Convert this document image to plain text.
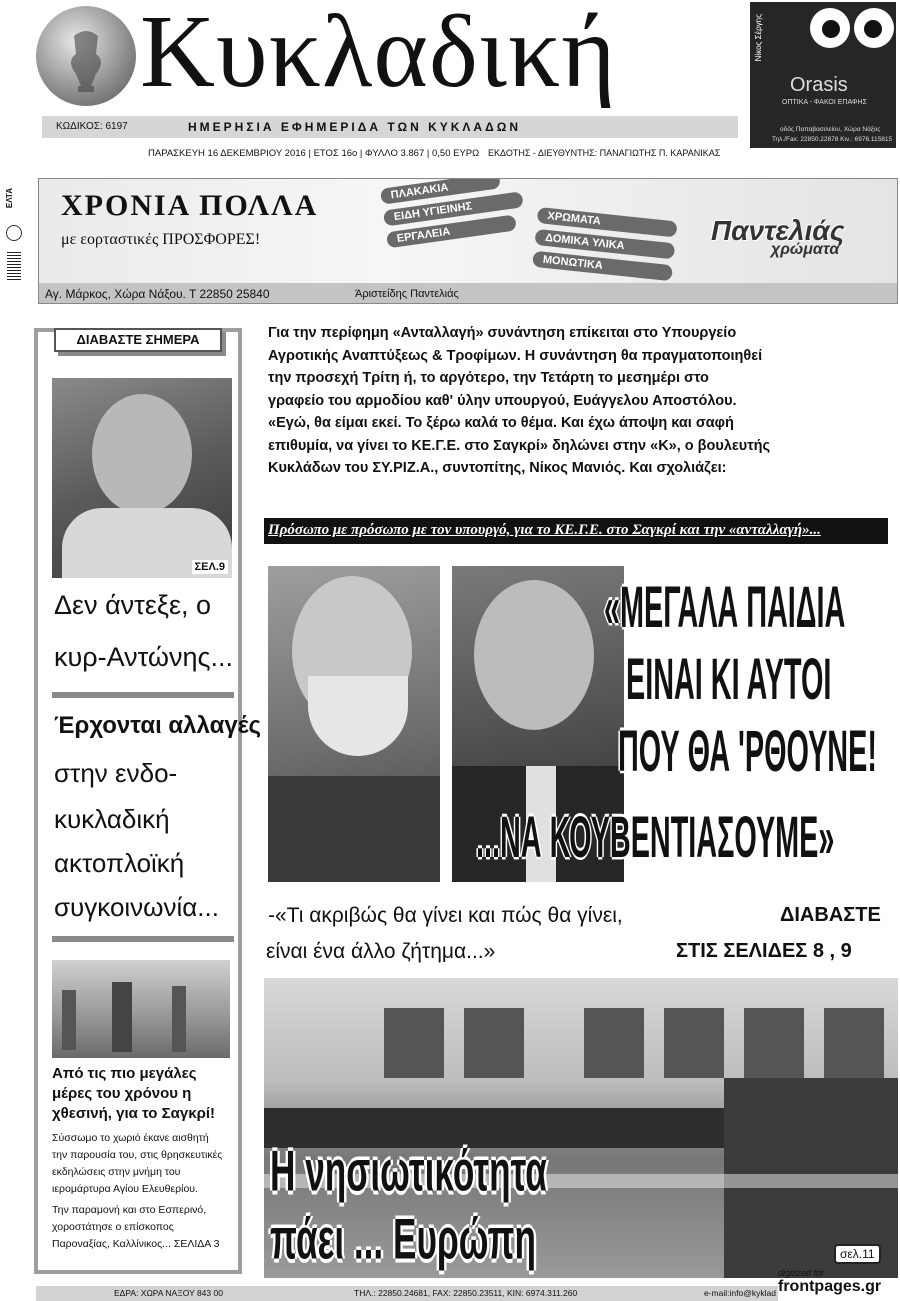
Κυκλαδική
ΚΩΔΙΚΟΣ: 6197	ΗΜΕΡΗΣΙΑ ΕΦΗΜΕΡΙΔΑ ΤΩΝ ΚΥΚΛΑΔΩΝ
ΠΑΡΑΣΚΕΥΗ 16 ΔΕΚΕΜΒΡΙΟΥ 2016 | ΕΤΟΣ 16ο | ΦΥΛΛΟ 3.867 | 0,50 ΕΥΡΩ ΕΚΔΟΤΗΣ - ΔΙΕΥΘΥΝΤΗΣ: ΠΑΝΑΓΙΩΤΗΣ Π. ΚΑΡΑΝΙΚΑΣ
ΕΛΤΑ
Νίκος Σέργης
Orasis
ΟΠΤΙΚΑ - ΦΑΚΟΙ ΕΠΑΦΗΣ
οδός Παπαβασιλείου, Χώρα Νάξος
Τηλ./Fax: 22850.22878 Κιν.: 6976.115815
ΧΡΟΝΙΑ ΠΟΛΛΑ
με εορταστικές ΠΡΟΣΦΟΡΕΣ!
ΠΛΑΚΑΚΙΑ
ΕΙΔΗ ΥΓΙΕΙΝΗΣ
ΕΡΓΑΛΕΙΑ
ΧΡΩΜΑΤΑ
ΔΟΜΙΚΑ ΥΛΙΚΑ
ΜΟΝΩΤΙΚΑ
Παντελιάς
χρώματα
Αγ. Μάρκος, Χώρα Νάξου. Τ 22850 25840	Άριστείδης Παντελιάς
ΔΙΑΒΑΣΤΕ ΣΗΜΕΡΑ
ΣΕΛ.9
Δεν άντεξε, ο
κυρ-Αντώνης...
Έρχονται αλλαγές
στην ενδο-
κυκλαδική
ακτοπλοϊκή
συγκοινωνία...
Από τις πιο μεγάλες
μέρες του χρόνου η
χθεσινή, για το Σαγκρί!
Σύσσωμο το χωριό έκανε αισθητή
την παρουσία του, στις θρησκευτικές
εκδηλώσεις στην μνήμη του
ιερομάρτυρα Αγίου Ελευθερίου.
Την παραμονή και στο Εσπερινό,
χοροστάτησε ο επίσκοπος
Παροναξίας, Καλλίνικος... ΣΕΛΙΔΑ 3
Για την περίφημη «Ανταλλαγή» συνάντηση επίκειται στο Υπουργείο
Αγροτικής Αναπτύξεως & Τροφίμων. Η συνάντηση θα πραγματοποιηθεί
την προσεχή Τρίτη ή, το αργότερο, την Τετάρτη το μεσημέρι στο
γραφείο του αρμοδίου καθ' ύλην υπουργού, Ευάγγελου Αποστόλου.
«Εγώ, θα είμαι εκεί. Το ξέρω καλά το θέμα. Και έχω άποψη και σαφή
επιθυμία, να γίνει το ΚΕ.Γ.Ε. στο Σαγκρί» δηλώνει στην «Κ», ο βουλευτής
Κυκλάδων του ΣΥ.ΡΙΖ.Α., συντοπίτης, Νίκος Μανιός. Και σχολιάζει:
Πρόσωπο με πρόσωπο με τον υπουργό, για το ΚΕ.Γ.Ε. στο Σαγκρί και την «ανταλλαγή»...
«ΜΕΓΑΛΑ ΠΑΙΔΙΑ
ΕΙΝΑΙ ΚΙ ΑΥΤΟΙ
ΠΟΥ ΘΑ 'ΡΘΟΥΝΕ!
...ΝΑ ΚΟΥΒΕΝΤΙΑΣΟΥΜΕ»
-«Τι ακριβώς θα γίνει και πώς θα γίνει,
είναι ένα άλλο ζήτημα...»
ΔΙΑΒΑΣΤΕ
ΣΤΙΣ ΣΕΛΙΔΕΣ 8 , 9
Η νησιωτικότητα
πάει ... Ευρώπη	σελ.11
ΕΔΡΑ: ΧΩΡΑ ΝΑΞΟΥ 843 00	ΤΗΛ.: 22850.24681, FAX: 22850.23511, ΚΙΝ: 6974.311.260	e-mail:info@kyklad
digitized for
frontpages.gr
